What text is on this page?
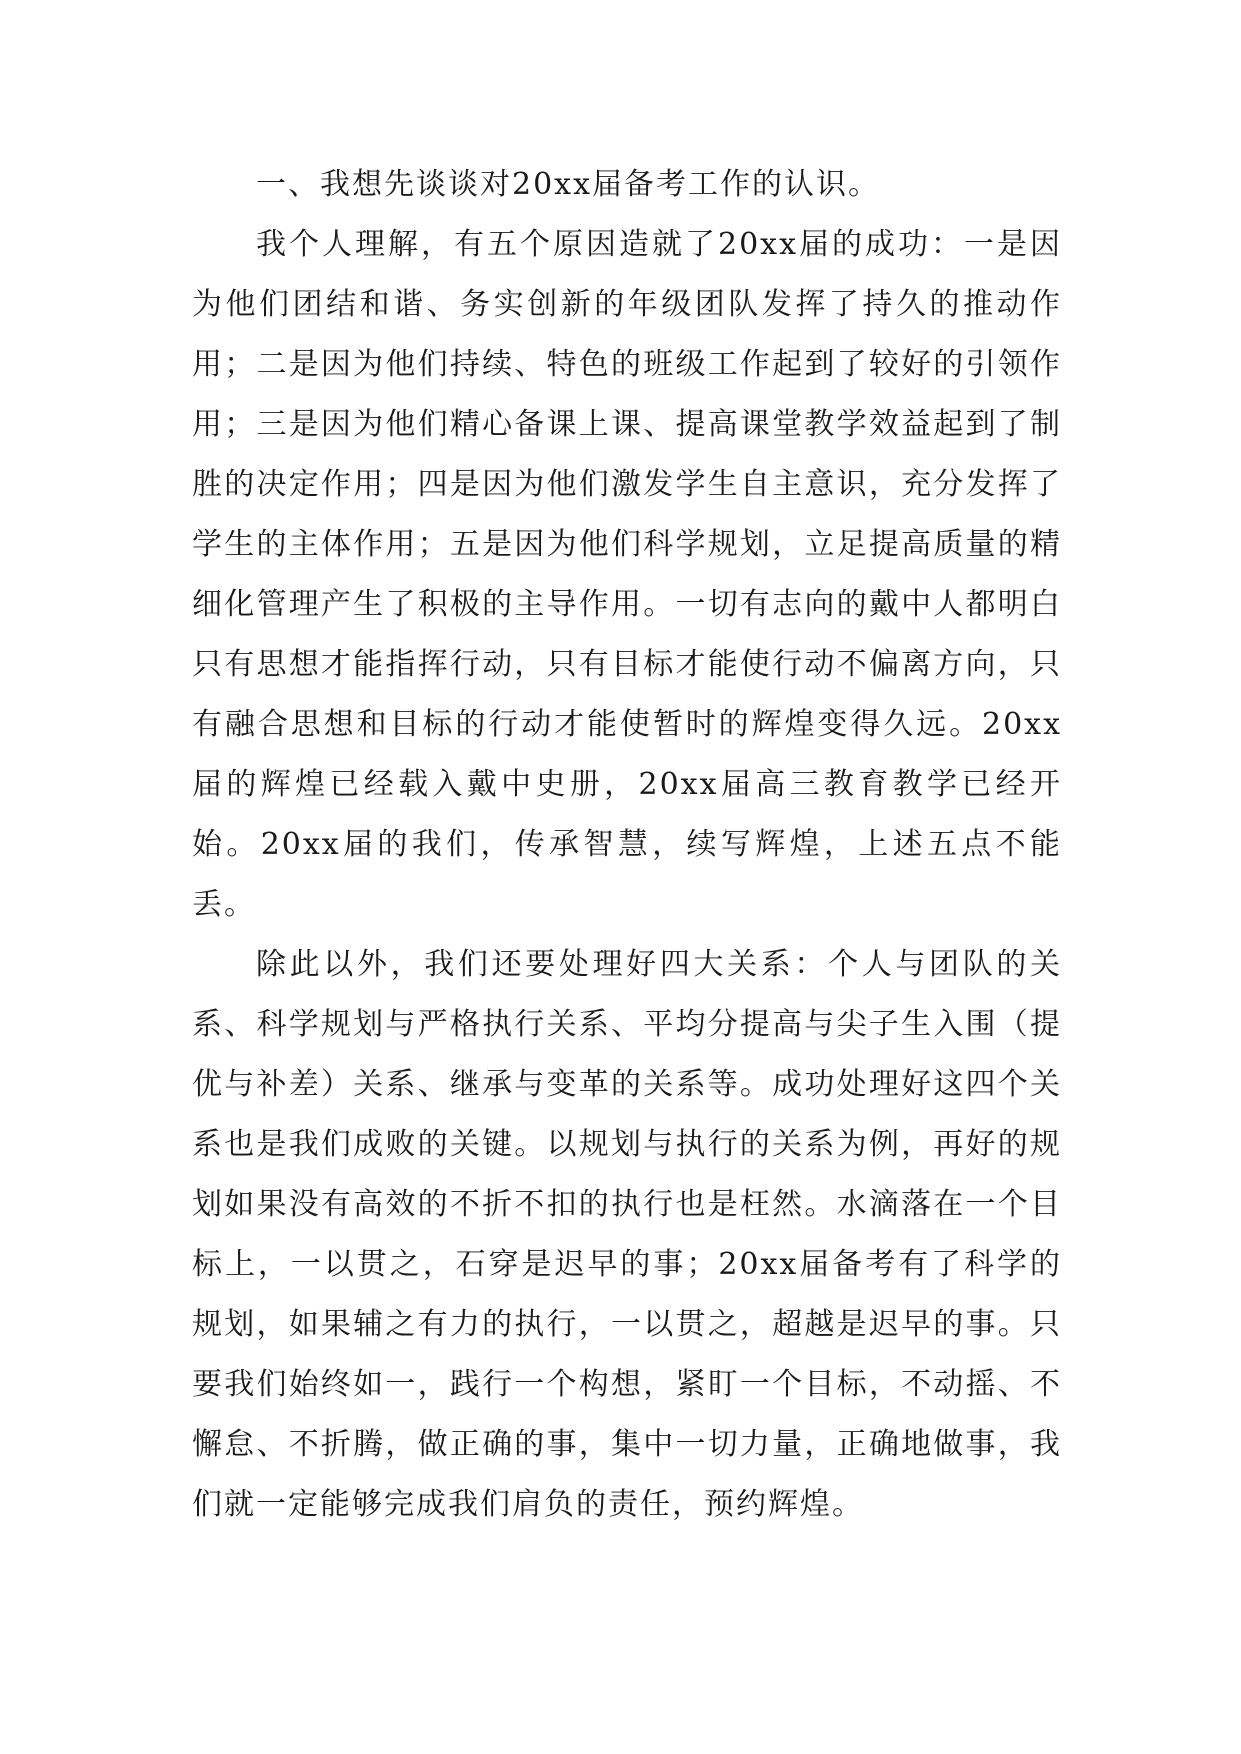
一、我想先谈谈对20xx届备考工作的认识。

我个人理解，有五个原因造就了20xx届的成功：一是因为他们团结和谐、务实创新的年级团队发挥了持久的推动作用；二是因为他们持续、特色的班级工作起到了较好的引领作用；三是因为他们精心备课上课、提高课堂教学效益起到了制胜的决定作用；四是因为他们激发学生自主意识，充分发挥了学生的主体作用；五是因为他们科学规划，立足提高质量的精细化管理产生了积极的主导作用。一切有志向的戴中人都明白只有思想才能指挥行动，只有目标才能使行动不偏离方向，只有融合思想和目标的行动才能使暂时的辉煌变得久远。20xx届的辉煌已经载入戴中史册，20xx届高三教育教学已经开始。20xx届的我们，传承智慧，续写辉煌，上述五点不能丢。

除此以外，我们还要处理好四大关系：个人与团队的关系、科学规划与严格执行关系、平均分提高与尖子生入围（提优与补差）关系、继承与变革的关系等。成功处理好这四个关系也是我们成败的关键。以规划与执行的关系为例，再好的规划如果没有高效的不折不扣的执行也是枉然。水滴落在一个目标上，一以贯之，石穿是迟早的事；20xx届备考有了科学的规划，如果辅之有力的执行，一以贯之，超越是迟早的事。只要我们始终如一，践行一个构想，紧盯一个目标，不动摇、不懈怠、不折腾，做正确的事，集中一切力量，正确地做事，我们就一定能够完成我们肩负的责任，预约辉煌。
